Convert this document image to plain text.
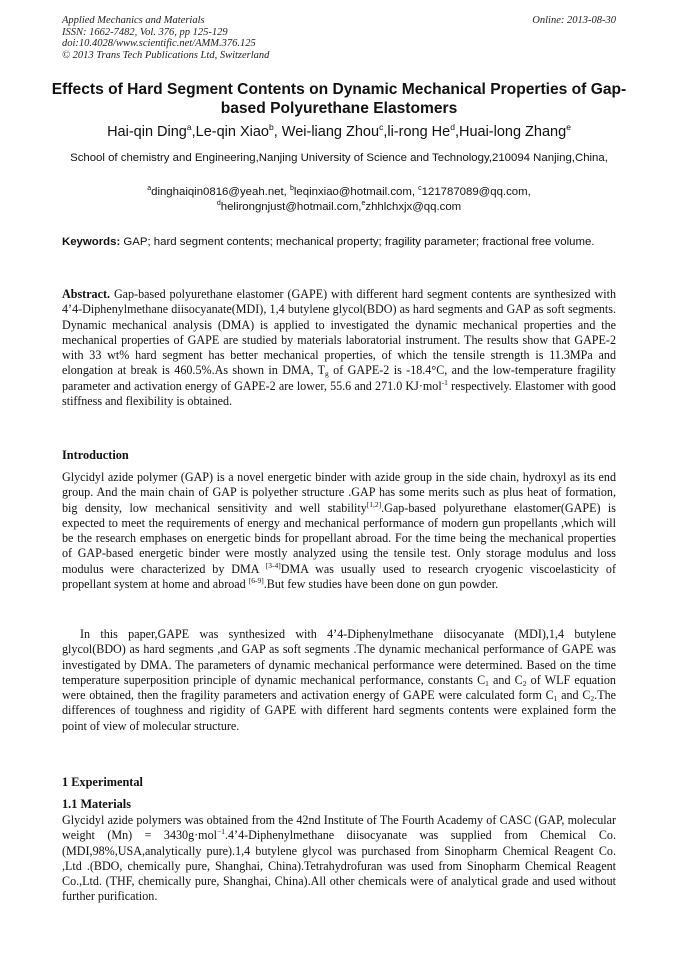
Applied Mechanics and Materials
ISSN: 1662-7482, Vol. 376, pp 125-129
doi:10.4028/www.scientific.net/AMM.376.125
© 2013 Trans Tech Publications Ltd, Switzerland
Online: 2013-08-30
Effects of Hard Segment Contents on Dynamic Mechanical Properties of Gap-based Polyurethane Elastomers
Hai-qin Ding$^a$,Le-qin Xiao$^b$, Wei-liang Zhou$^c$,li-rong He$^d$,Huai-long Zhang$^e$
School of chemistry and Engineering,Nanjing University of Science and Technology,210094 Nanjing,China,
$^a$dinghaiqin0816@yeah.net, $^b$leqinxiao@hotmail.com, $^c$121787089@qq.com,
$^d$helirongnjust@hotmail.com,$^e$zhhlchxjx@qq.com
Keywords: GAP; hard segment contents; mechanical property; fragility parameter; fractional free volume.
Abstract. Gap-based polyurethane elastomer (GAPE) with different hard segment contents are synthesized with 4’4-Diphenylmethane diisocyanate(MDI), 1,4 butylene glycol(BDO) as hard segments and GAP as soft segments. Dynamic mechanical analysis (DMA) is applied to investigated the dynamic mechanical properties and the mechanical properties of GAPE are studied by materials laboratorial instrument. The results show that GAPE-2 with 33 wt% hard segment has better mechanical properties, of which the tensile strength is 11.3MPa and elongation at break is 460.5%.As shown in DMA, $T_g$ of GAPE-2 is -18.4°C, and the low-temperature fragility parameter and activation energy of GAPE-2 are lower, 55.6 and 271.0 KJ·mol$^{-1}$ respectively. Elastomer with good stiffness and flexibility is obtained.
Introduction
Glycidyl azide polymer (GAP) is a novel energetic binder with azide group in the side chain, hydroxyl as its end group. And the main chain of GAP is polyether structure .GAP has some merits such as plus heat of formation, big density, low mechanical sensitivity and well stability[1,2].Gap-based polyurethane elastomer(GAPE) is expected to meet the requirements of energy and mechanical performance of modern gun propellants ,which will be the research emphases on energetic binds for propellant abroad. For the time being the mechanical properties of GAP-based energetic binder were mostly analyzed using the tensile test. Only storage modulus and loss modulus were characterized by DMA [3-4]DMA was usually used to research cryogenic viscoelasticity of propellant system at home and abroad [6-9].But few studies have been done on gun powder.
In this paper,GAPE was synthesized with 4’4-Diphenylmethane diisocyanate (MDI),1,4 butylene glycol(BDO) as hard segments ,and GAP as soft segments .The dynamic mechanical performance of GAPE was investigated by DMA. The parameters of dynamic mechanical performance were determined. Based on the time temperature superposition principle of dynamic mechanical performance, constants $C_1$ and $C_2$ of WLF equation were obtained, then the fragility parameters and activation energy of GAPE were calculated form $C_1$ and $C_2.The$ differences of toughness and rigidity of GAPE with different hard segments contents were explained form the point of view of molecular structure.
1 Experimental
1.1 Materials
Glycidyl azide polymers was obtained from the 42nd Institute of The Fourth Academy of CASC (GAP, molecular weight (Mn) = 3430g·mol$^{-1}$.4’4-Diphenylmethane diisocyanate was supplied from Chemical Co.(MDI,98%,USA,analytically pure).1,4 butylene glycol was purchased from Sinopharm Chemical Reagent Co. ,Ltd .(BDO, chemically pure, Shanghai, China).Tetrahydrofuran was used from Sinopharm Chemical Reagent Co.,Ltd. (THF, chemically pure, Shanghai, China).All other chemicals were of analytical grade and used without further purification.
